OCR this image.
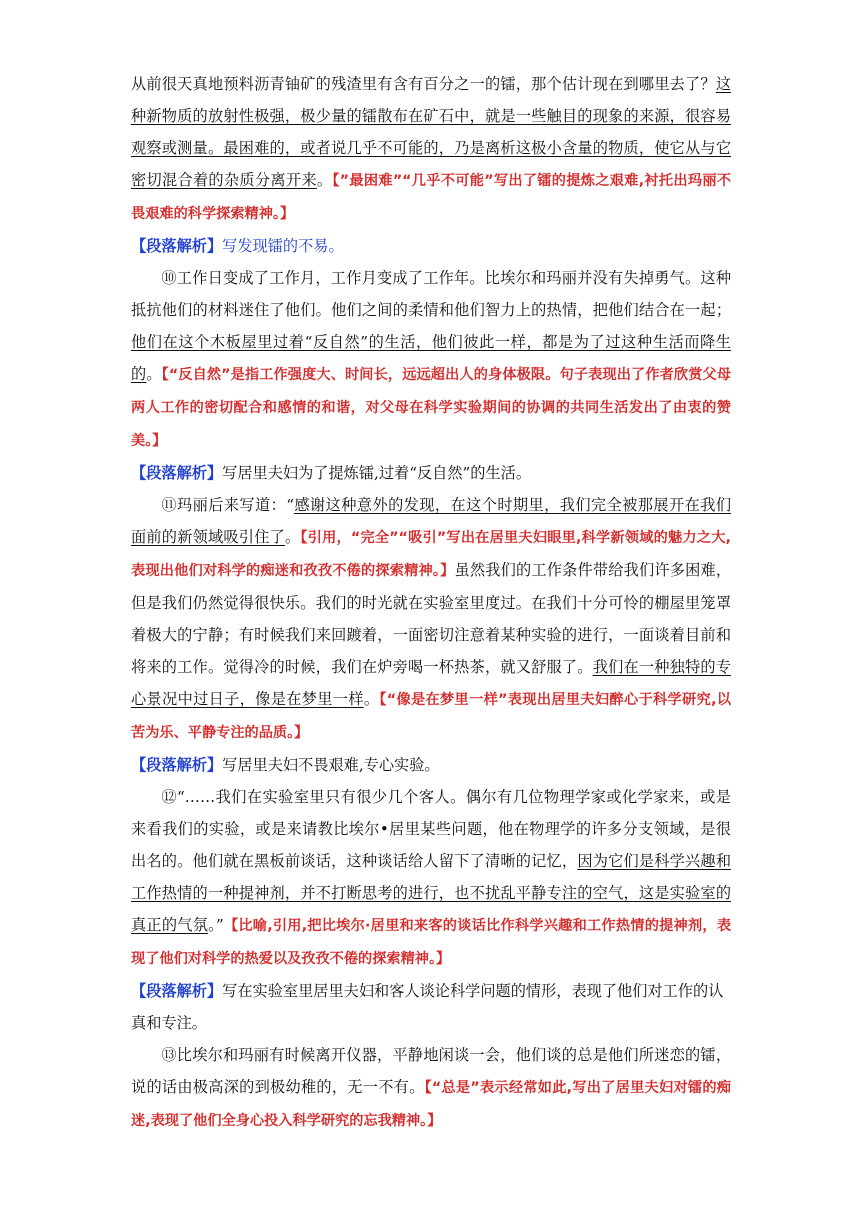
从前很天真地预料沥青铀矿的残渣里有含有百分之一的镭，那个估计现在到哪里去了？这种新物质的放射性极强，极少量的镭散布在矿石中，就是一些触目的现象的来源，很容易观察或测量。最困难的，或者说几乎不可能的，乃是离析这极小含量的物质，使它从与它密切混合着的杂质分离开来。【”最困难”“几乎不可能”写出了镭的提炼之艰难,衬托出玛丽不畏艰难的科学探索精神。】

【段落解析】写发现镭的不易。

⑩工作日变成了工作月，工作月变成了工作年。比埃尔和玛丽并没有失掉勇气。这种抵抗他们的材料迷住了他们。他们之间的柔情和他们智力上的热情，把他们结合在一起；他们在这个木板屋里过着“反自然”的生活，他们彼此一样，都是为了过这种生活而降生的。【“反自然”是指工作强度大、时间长，远远超出人的身体极限。句子表现出了作者欣赏父母两人工作的密切配合和感情的和谐，对父母在科学实验期间的协调的共同生活发出了由衷的赞美。】

【段落解析】写居里夫妇为了提炼镭,过着“反自然”的生活。

⑪玛丽后来写道：“感谢这种意外的发现，在这个时期里，我们完全被那展开在我们面前的新领域吸引住了。【引用，“完全”“吸引”写出在居里夫妇眼里,科学新领域的魅力之大,表现出他们对科学的痴迷和孜孜不倦的探索精神。】虽然我们的工作条件带给我们许多困难，但是我们仍然觉得很快乐。我们的时光就在实验室里度过。在我们十分可怜的棚屋里笼罩着极大的宁静；有时候我们来回踱着，一面密切注意着某种实验的进行，一面谈着目前和将来的工作。觉得冷的时候，我们在炉旁喝一杯热茶，就又舒服了。我们在一种独特的专心景况中过日子，像是在梦里一样。【“像是在梦里一样”表现出居里夫妇醉心于科学研究,以苦为乐、平静专注的品质。】

【段落解析】写居里夫妇不畏艰难,专心实验。

⑫“……我们在实验室里只有很少几个客人。偶尔有几位物理学家或化学家来，或是来看我们的实验，或是来请教比埃尔•居里某些问题，他在物理学的许多分支领域，是很出名的。他们就在黑板前谈话，这种谈话给人留下了清晰的记忆，因为它们是科学兴趣和工作热情的一种提神剂，并不打断思考的进行，也不扰乱平静专注的空气，这是实验室的真正的气氛。”【比喻,引用,把比埃尔·居里和来客的谈话比作科学兴趣和工作热情的提神剂，表现了他们对科学的热爱以及孜孜不倦的探索精神。】

【段落解析】写在实验室里居里夫妇和客人谈论科学问题的情形，表现了他们对工作的认真和专注。

⑬比埃尔和玛丽有时候离开仪器，平静地闲谈一会，他们谈的总是他们所迷恋的镭，说的话由极高深的到极幼稚的，无一不有。【“总是”表示经常如此,写出了居里夫妇对镭的痴迷,表现了他们全身心投入科学研究的忘我精神。】
